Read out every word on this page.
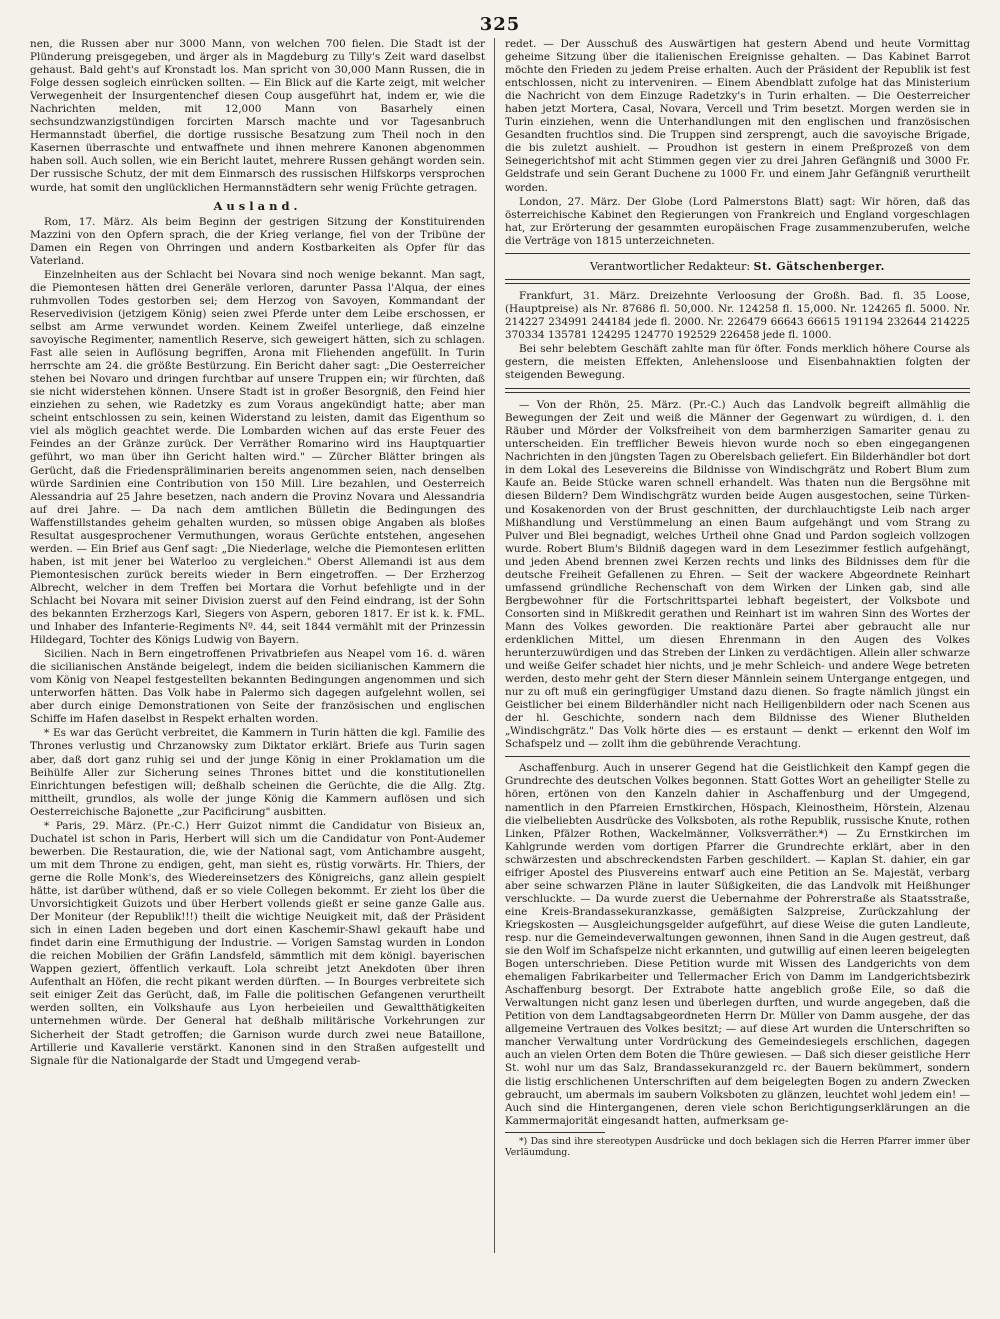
325

nen, die Russen aber nur 3000 Mann, von welchen 700 fielen. Die Stadt ist der Plünderung preisgegeben, und ärger als in Magdeburg zu Tilly's Zeit ward daselbst gehaust. Bald geht's auf Kronstadt los. Man spricht von 30,000 Mann Russen, die in Folge dessen sogleich einrücken sollten. — Ein Blick auf die Karte zeigt, mit welcher Verwegenheit der Insurgentenchef diesen Coup ausgeführt hat, indem er, wie die Nachrichten melden, mit 12,000 Mann von Basarhely einen sechsundzwanzigstündigen forcirten Marsch machte und vor Tagesanbruch Hermannstadt überfiel, die dortige russische Besatzung zum Theil noch in den Kasernen überraschte und entwaffnete und ihnen mehrere Kanonen abgenommen haben soll. Auch sollen, wie ein Bericht lautet, mehrere Russen gehängt worden sein. Der russische Schutz, der mit dem Einmarsch des russischen Hilfskorps versprochen wurde, hat somit den unglücklichen Hermannstädtern sehr wenig Früchte getragen.

Ausland.

Rom, 17. März. Als beim Beginn der gestrigen Sitzung der Konstituirenden Mazzini von den Opfern sprach, die der Krieg verlange, fiel von der Tribüne der Damen ein Regen von Ohrringen und andern Kostbarkeiten als Opfer für das Vaterland.

Einzelnheiten aus der Schlacht bei Novara sind noch wenige bekannt. Man sagt, die Piemontesen hätten drei Generäle verloren, darunter Passa l'Alqua, der eines ruhmvollen Todes gestorben sei; dem Herzog von Savoyen, Kommandant der Reservedivision (jetzigem König) seien zwei Pferde unter dem Leibe erschossen, er selbst am Arme verwundet worden. Keinem Zweifel unterliege, daß einzelne savoyische Regimenter, namentlich Reserve, sich geweigert hätten, sich zu schlagen. Fast alle seien in Auflösung begriffen, Arona mit Fliehenden angefüllt. In Turin herrschte am 24. die größte Bestürzung. Ein Bericht daher sagt: „Die Oesterreicher stehen bei Novaro und dringen furchtbar auf unsere Truppen ein; wir fürchten, daß sie nicht widerstehen können. Unsere Stadt ist in großer Besorgniß, den Feind hier einziehen zu sehen, wie Radetzky es zum Voraus angekündigt hatte; aber man scheint entschlossen zu sein, keinen Widerstand zu leisten, damit das Eigenthum so viel als möglich geachtet werde. Die Lombarden wichen auf das erste Feuer des Feindes an der Gränze zurück. Der Verräther Romarino wird ins Hauptquartier geführt, wo man über ihn Gericht halten wird." — Zürcher Blätter bringen als Gerücht, daß die Friedenspräliminarien bereits angenommen seien, nach denselben würde Sardinien eine Contribution von 150 Mill. Lire bezahlen, und Oesterreich Alessandria auf 25 Jahre besetzen, nach andern die Provinz Novara und Alessandria auf drei Jahre. — Da nach dem amtlichen Bülletin die Bedingungen des Waffenstillstandes geheim gehalten wurden, so müssen obige Angaben als bloßes Resultat ausgesprochener Vermuthungen, woraus Gerüchte entstehen, angesehen werden. — Ein Brief aus Genf sagt: „Die Niederlage, welche die Piemontesen erlitten haben, ist mit jener bei Waterloo zu vergleichen." Oberst Allemandi ist aus dem Piemontesischen zurück bereits wieder in Bern eingetroffen. — Der Erzherzog Albrecht, welcher in dem Treffen bei Mortara die Vorhut befehligte und in der Schlacht bei Novara mit seiner Division zuerst auf den Feind eindrang, ist der Sohn des bekannten Erzherzogs Karl, Siegers von Aspern, geboren 1817. Er ist k. k. FML. und Inhaber des Infanterie-Regiments Nº. 44, seit 1844 vermählt mit der Prinzessin Hildegard, Tochter des Königs Ludwig von Bayern.

Sicilien. Nach in Bern eingetroffenen Privatbriefen aus Neapel vom 16. d. wären die sicilianischen Anstände beigelegt, indem die beiden sicilianischen Kammern die vom König von Neapel festgestellten bekannten Bedingungen angenommen und sich unterworfen hätten. Das Volk habe in Palermo sich dagegen aufgelehnt wollen, sei aber durch einige Demonstrationen von Seite der französischen und englischen Schiffe im Hafen daselbst in Respekt erhalten worden.

* Es war das Gerücht verbreitet, die Kammern in Turin hätten die kgl. Familie des Thrones verlustig und Chrzanowsky zum Diktator erklärt. Briefe aus Turin sagen aber, daß dort ganz ruhig sei und der junge König in einer Proklamation um die Beihülfe Aller zur Sicherung seines Thrones bittet und die konstitutionellen Einrichtungen befestigen will; deßhalb scheinen die Gerüchte, die die Allg. Ztg. mittheilt, grundlos, als wolle der junge König die Kammern auflösen und sich Oesterreichische Bajonette „zur Pacificirung" ausbitten.

* Paris, 29. März. (Pr.-C.) Herr Guizot nimmt die Candidatur von Bisieux an, Duchatel ist schon in Paris, Herbert will sich um die Candidatur von Pont-Audemer bewerben. Die Restauration, die, wie der National sagt, vom Antichambre ausgeht, um mit dem Throne zu endigen, geht, man sieht es, rüstig vorwärts. Hr. Thiers, der gerne die Rolle Monk's, des Wiedereinsetzers des Königreichs, ganz allein gespielt hätte, ist darüber wüthend, daß er so viele Collegen bekommt. Er zieht los über die Unvorsichtigkeit Guizots und über Herbert vollends gießt er seine ganze Galle aus. Der Moniteur (der Republik!!!) theilt die wichtige Neuigkeit mit, daß der Präsident sich in einen Laden begeben und dort einen Kaschemir-Shawl gekauft habe und findet darin eine Ermuthigung der Industrie. — Vorigen Samstag wurden in London die reichen Mobilien der Gräfin Landsfeld, sämmtlich mit dem königl. bayerischen Wappen geziert, öffentlich verkauft. Lola schreibt jetzt Anekdoten über ihren Aufenthalt an Höfen, die recht pikant werden dürften. — In Bourges verbreitete sich seit einiger Zeit das Gerücht, daß, im Falle die politischen Gefangenen verurtheilt werden sollten, ein Volkshaufe aus Lyon herbeieilen und Gewaltthätigkeiten unternehmen würde. Der General hat deßhalb militärische Vorkehrungen zur Sicherheit der Stadt getroffen; die Garnison wurde durch zwei neue Bataillone, Artillerie und Kavallerie verstärkt. Kanonen sind in den Straßen aufgestellt und Signale für die Nationalgarde der Stadt und Umgegend verab-

redet. — Der Ausschuß des Auswärtigen hat gestern Abend und heute Vormittag geheime Sitzung über die italienischen Ereignisse gehalten. — Das Kabinet Barrot möchte den Frieden zu jedem Preise erhalten. Auch der Präsident der Republik ist fest entschlossen, nicht zu interveniren. — Einem Abendblatt zufolge hat das Ministerium die Nachricht von dem Einzuge Radetzky's in Turin erhalten. — Die Oesterreicher haben jetzt Mortera, Casal, Novara, Vercell und Trim besetzt. Morgen werden sie in Turin einziehen, wenn die Unterhandlungen mit den englischen und französischen Gesandten fruchtlos sind. Die Truppen sind zersprengt, auch die savoyische Brigade, die bis zuletzt aushielt. — Proudhon ist gestern in einem Preßprozeß von dem Seinegerichtshof mit acht Stimmen gegen vier zu drei Jahren Gefängniß und 3000 Fr. Geldstrafe und sein Gerant Duchene zu 1000 Fr. und einem Jahr Gefängniß verurtheilt worden.

London, 27. März. Der Globe (Lord Palmerstons Blatt) sagt: Wir hören, daß das österreichische Kabinet den Regierungen von Frankreich und England vorgeschlagen hat, zur Erörterung der gesammten europäischen Frage zusammenzuberufen, welche die Verträge von 1815 unterzeichneten.

Verantwortlicher Redakteur: St. Gätschenberger.

Frankfurt, 31. März. Dreizehnte Verloosung der Großh. Bad. fl. 35 Loose, (Hauptpreise) als Nr. 87686 fl. 50,000. Nr. 124258 fl. 15,000. Nr. 124265 fl. 5000. Nr. 214227 234991 244184 jede fl. 2000. Nr. 226479 66643 66615 191194 232644 214225 370334 135781 124295 124770 192529 226458 jede fl. 1000.

Bei sehr belebtem Geschäft zahlte man für öfter. Fonds merklich höhere Course als gestern, die meisten Effekten, Anlehensloose und Eisenbahnaktien folgten der steigenden Bewegung.

— Von der Rhön, 25. März. (Pr.-C.) Auch das Landvolk begreift allmählig die Bewegungen der Zeit und weiß die Männer der Gegenwart zu würdigen, d. i. den Räuber und Mörder der Volksfreiheit von dem barmherzigen Samariter genau zu unterscheiden. Ein trefflicher Beweis hievon wurde noch so eben eingegangenen Nachrichten in den jüngsten Tagen zu Oberelsbach geliefert. Ein Bilderhändler bot dort in dem Lokal des Lesevereins die Bildnisse von Windischgrätz und Robert Blum zum Kaufe an. Beide Stücke waren schnell erhandelt. Was thaten nun die Bergsöhne mit diesen Bildern? Dem Windischgrätz wurden beide Augen ausgestochen, seine Türken- und Kosakenorden von der Brust geschnitten, der durchlauchtigste Leib nach arger Mißhandlung und Verstümmelung an einen Baum aufgehängt und vom Strang zu Pulver und Blei begnadigt, welches Urtheil ohne Gnad und Pardon sogleich vollzogen wurde. Robert Blum's Bildniß dagegen ward in dem Lesezimmer festlich aufgehängt, und jeden Abend brennen zwei Kerzen rechts und links des Bildnisses dem für die deutsche Freiheit Gefallenen zu Ehren. — Seit der wackere Abgeordnete Reinhart umfassend gründliche Rechenschaft von dem Wirken der Linken gab, sind alle Bergbewohner für die Fortschrittspartei lebhaft begeistert, der Volksbote und Consorten sind in Mißkredit gerathen und Reinhart ist im wahren Sinn des Wortes der Mann des Volkes geworden. Die reaktionäre Partei aber gebraucht alle nur erdenklichen Mittel, um diesen Ehrenmann in den Augen des Volkes herunterzuwürdigen und das Streben der Linken zu verdächtigen. Allein aller schwarze und weiße Geifer schadet hier nichts, und je mehr Schleich- und andere Wege betreten werden, desto mehr geht der Stern dieser Männlein seinem Untergange entgegen, und nur zu oft muß ein geringfügiger Umstand dazu dienen. So fragte nämlich jüngst ein Geistlicher bei einem Bilderhändler nicht nach Heiligenbildern oder nach Scenen aus der hl. Geschichte, sondern nach dem Bildnisse des Wiener Bluthelden „Windischgrätz." Das Volk hörte dies — es erstaunt — denkt — erkennt den Wolf im Schafspelz und — zollt ihm die gebührende Verachtung.

Aschaffenburg. Auch in unserer Gegend hat die Geistlichkeit den Kampf gegen die Grundrechte des deutschen Volkes begonnen. Statt Gottes Wort an geheiligter Stelle zu hören, ertönen von den Kanzeln dahier in Aschaffenburg und der Umgegend, namentlich in den Pfarreien Ernstkirchen, Höspach, Kleinostheim, Hörstein, Alzenau die vielbeliebten Ausdrücke des Volksboten, als rothe Republik, russische Knute, rothen Linken, Pfälzer Rothen, Wackelmänner, Volksverräther.*) — Zu Ernstkirchen im Kahlgrunde werden vom dortigen Pfarrer die Grundrechte erklärt, aber in den schwärzesten und abschreckendsten Farben geschildert. — Kaplan St. dahier, ein gar eifriger Apostel des Piusvereins entwarf auch eine Petition an Se. Majestät, verbarg aber seine schwarzen Pläne in lauter Süßigkeiten, die das Landvolk mit Heißhunger verschluckte. — Da wurde zuerst die Uebernahme der Pohrerstraße als Staatsstraße, eine Kreis-Brandassekuranzkasse, gemäßigten Salzpreise, Zurückzahlung der Kriegskosten — Ausgleichungsgelder aufgeführt, auf diese Weise die guten Landleute, resp. nur die Gemeindeverwaltungen gewonnen, ihnen Sand in die Augen gestreut, daß sie den Wolf im Schafspelze nicht erkannten, und gutwillig auf einen leeren beigelegten Bogen unterschrieben. Diese Petition wurde mit Wissen des Landgerichts von dem ehemaligen Fabrikarbeiter und Tellermacher Erich von Damm im Landgerichtsbezirk Aschaffenburg besorgt. Der Extrabote hatte angeblich große Eile, so daß die Verwaltungen nicht ganz lesen und überlegen durften, und wurde angegeben, daß die Petition von dem Landtagsabgeordneten Herrn Dr. Müller von Damm ausgehe, der das allgemeine Vertrauen des Volkes besitzt; — auf diese Art wurden die Unterschriften so mancher Verwaltung unter Vordrückung des Gemeindesiegels erschlichen, dagegen auch an vielen Orten dem Boten die Thüre gewiesen. — Daß sich dieser geistliche Herr St. wohl nur um das Salz, Brandassekuranzgeld rc. der Bauern bekümmert, sondern die listig erschlichenen Unterschriften auf dem beigelegten Bogen zu andern Zwecken gebraucht, um abermals im saubern Volksboten zu glänzen, leuchtet wohl jedem ein! — Auch sind die Hintergangenen, deren viele schon Berichtigungserklärungen an die Kammermajorität eingesandt hatten, aufmerksam ge-

*) Das sind ihre stereotypen Ausdrücke und doch beklagen sich die Herren Pfarrer immer über Verläumdung.
